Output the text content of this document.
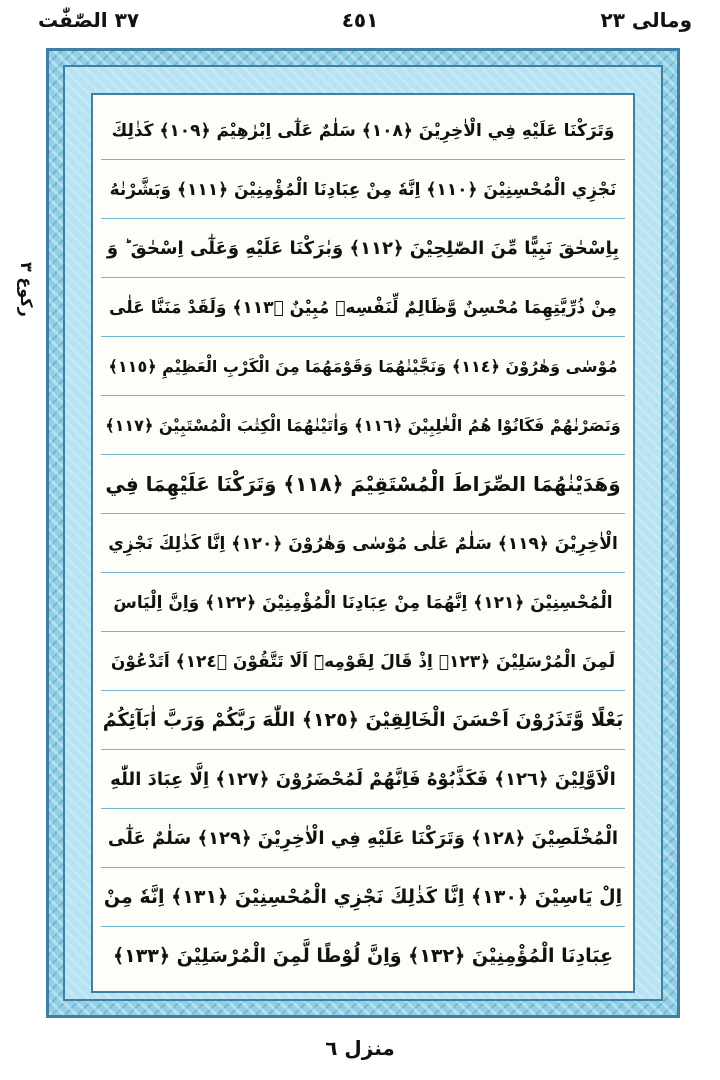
٣٧ الصّٰفّٰت	٤٥١	ومالی ٢٣
ركوع ٣
وَتَرَكْنَا عَلَيْهِ فِي الْاٰخِرِيْنَ ﴿١٠٨﴾ سَلٰمٌ عَلٰٓى اِبْرٰهِيْمَ ﴿١٠٩﴾ كَذٰلِكَ
نَجْزِي الْمُحْسِنِيْنَ ﴿١١٠﴾ اِنَّهٗ مِنْ عِبَادِنَا الْمُؤْمِنِيْنَ ﴿١١١﴾ وَبَشَّرْنٰهُ
بِاِسْحٰقَ نَبِيًّا مِّنَ الصّٰلِحِيْنَ ﴿١١٢﴾ وَبٰرَكْنَا عَلَيْهِ وَعَلٰٓى اِسْحٰقَ ؕ وَ
مِنْ ذُرِّيَّتِهِمَا مُحْسِنٌ وَّظَالِمٌ لِّنَفْسِهٖ مُبِيْنٌ ﴿١١٣﴾ وَلَقَدْ مَنَنَّا عَلٰى
مُوْسٰى وَهٰرُوْنَ ﴿١١٤﴾ وَنَجَّيْنٰهُمَا وَقَوْمَهُمَا مِنَ الْكَرْبِ الْعَظِيْمِ ﴿١١٥﴾
وَنَصَرْنٰهُمْ فَكَانُوْا هُمُ الْغٰلِبِيْنَ ﴿١١٦﴾ وَاٰتَيْنٰهُمَا الْكِتٰبَ الْمُسْتَبِيْنَ ﴿١١٧﴾
وَهَدَيْنٰهُمَا الصِّرَاطَ الْمُسْتَقِيْمَ ﴿١١٨﴾ وَتَرَكْنَا عَلَيْهِمَا فِي
الْاٰخِرِيْنَ ﴿١١٩﴾ سَلٰمٌ عَلٰى مُوْسٰى وَهٰرُوْنَ ﴿١٢٠﴾ اِنَّا كَذٰلِكَ نَجْزِي
الْمُحْسِنِيْنَ ﴿١٢١﴾ اِنَّهُمَا مِنْ عِبَادِنَا الْمُؤْمِنِيْنَ ﴿١٢٢﴾ وَاِنَّ اِلْيَاسَ
لَمِنَ الْمُرْسَلِيْنَ ﴿١٢٣﴾ اِذْ قَالَ لِقَوْمِهٖٓ اَلَا تَتَّقُوْنَ ﴿١٢٤﴾ اَتَدْعُوْنَ
بَعْلًا وَّتَذَرُوْنَ اَحْسَنَ الْخَالِقِيْنَ ﴿١٢٥﴾ اللّٰهَ رَبَّكُمْ وَرَبَّ اٰبَآئِكُمُ
الْاَوَّلِيْنَ ﴿١٢٦﴾ فَكَذَّبُوْهُ فَاِنَّهُمْ لَمُحْضَرُوْنَ ﴿١٢٧﴾ اِلَّا عِبَادَ اللّٰهِ
الْمُخْلَصِيْنَ ﴿١٢٨﴾ وَتَرَكْنَا عَلَيْهِ فِي الْاٰخِرِيْنَ ﴿١٢٩﴾ سَلٰمٌ عَلٰٓى
اِلْ يَاسِيْنَ ﴿١٣٠﴾ اِنَّا كَذٰلِكَ نَجْزِي الْمُحْسِنِيْنَ ﴿١٣١﴾ اِنَّهٗ مِنْ
عِبَادِنَا الْمُؤْمِنِيْنَ ﴿١٣٢﴾ وَاِنَّ لُوْطًا لَّمِنَ الْمُرْسَلِيْنَ ﴿١٣٣﴾
منزل ٦
